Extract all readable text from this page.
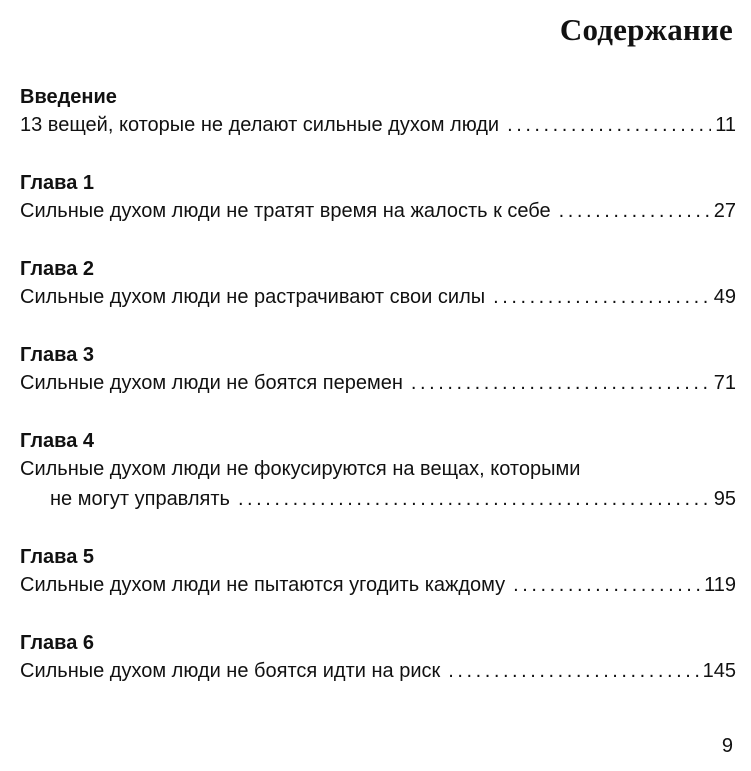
Содержание
Введение
13 вещей, которые не делают сильные духом люди . . .	11
Глава 1
Сильные духом люди не тратят время на жалость к себе . . .	27
Глава 2
Сильные духом люди не растрачивают свои силы . . .	49
Глава 3
Сильные духом люди не боятся перемен . . .	71
Глава 4
Сильные духом люди не фокусируются на вещах, которыми
не могут управлять . . .	95
Глава 5
Сильные духом люди не пытаются угодить каждому . . .	119
Глава 6
Сильные духом люди не боятся идти на риск . . .	145
9
